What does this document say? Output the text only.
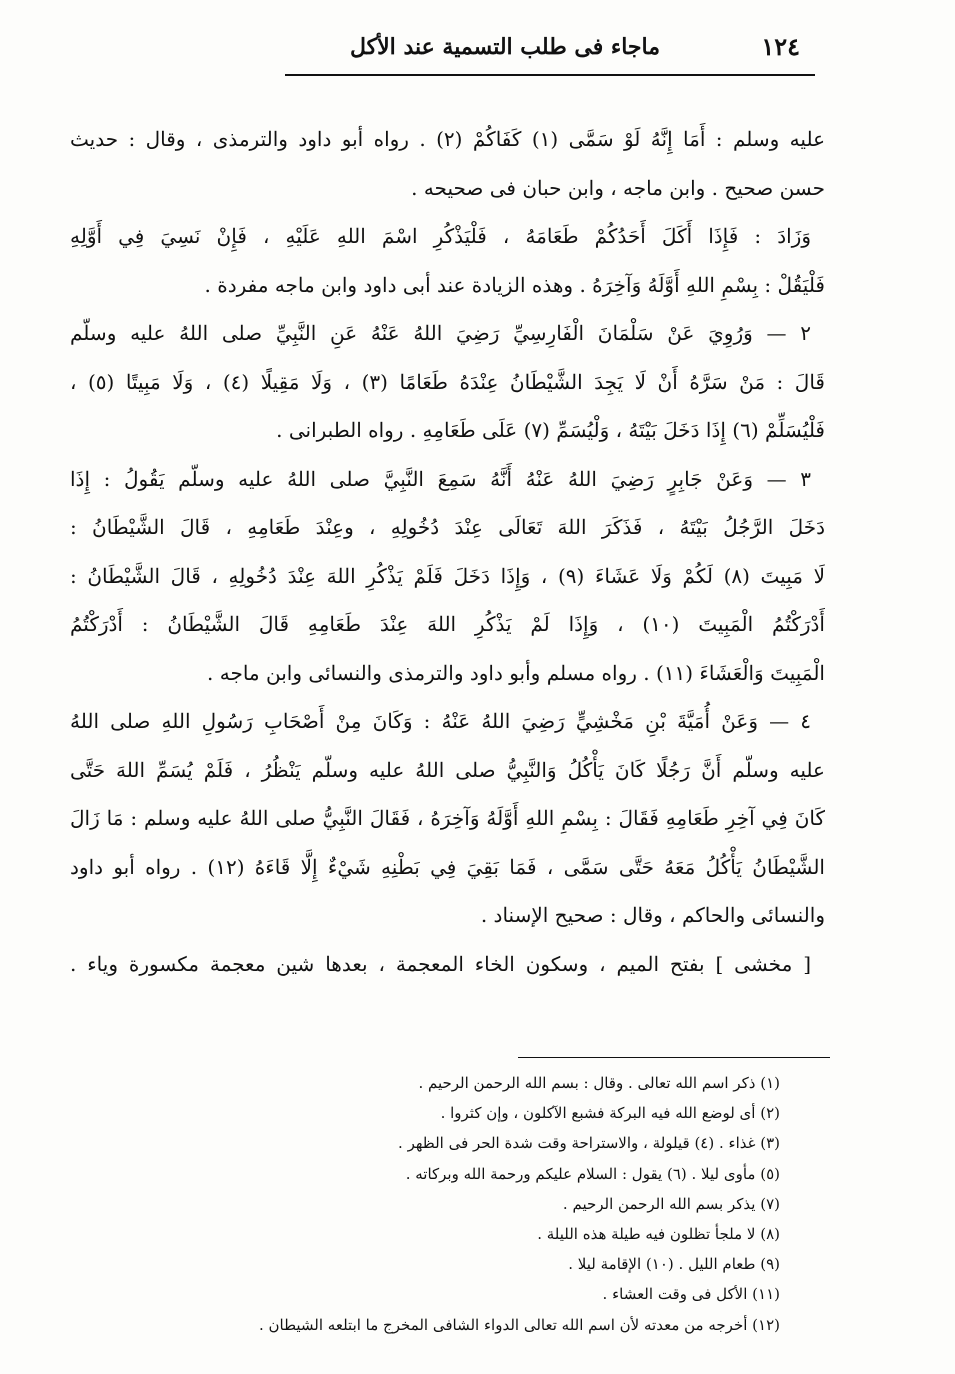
١٢٤
ماجاء فى طلب التسمية عند الأكل
عليه وسلم : أَمَا إِنَّهُ لَوْ سَمَّى (١) كَفَاكُمْ (٢) . رواه أبو داود والترمذى ، وقال : حديث
حسن صحيح . وابن ماجه ، وابن حبان فى صحيحه .
وَزَادَ : فَإِذَا أَكَلَ أَحَدُكُمْ طَعَامَهُ ، فَلْيَذْكُرِ اسْمَ اللهِ عَلَيْهِ ، فَإِنْ نَسِيَ فِي أَوَّلِهِ
فَلْيَقُلْ : بِسْمِ اللهِ أَوَّلَهُ وَآخِرَهُ . وهذه الزيادة عند أبى داود وابن ماجه مفردة .
٢ — وَرُوِيَ عَنْ سَلْمَانَ الْفَارِسِيِّ رَضِيَ اللهُ عَنْهُ عَنِ النَّبِيِّ صلى اللهُ عليه وسلّم
قَالَ : مَنْ سَرَّهُ أَنْ لَا يَجِدَ الشَّيْطَانُ عِنْدَهُ طَعَامًا (٣) ، وَلَا مَقِيلًا (٤) ، وَلَا مَبِيتًا (٥) ،
فَلْيُسَلِّمْ (٦) إِذَا دَخَلَ بَيْتَهُ ، وَلْيُسَمِّ (٧) عَلَى طَعَامِهِ . رواه الطبرانى .
٣ — وَعَنْ جَابِرٍ رَضِيَ اللهُ عَنْهُ أَنَّهُ سَمِعَ النَّبِيَّ صلى اللهُ عليه وسلّم يَقُولُ : إِذَا
دَخَلَ الرَّجُلُ بَيْتَهُ ، فَذَكَرَ اللهَ تَعَالَى عِنْدَ دُخُولِهِ ، وعِنْدَ طَعَامِهِ ، قَالَ الشَّيْطَانُ :
لَا مَبِيتَ (٨) لَكُمْ وَلَا عَشَاءَ (٩) ، وَإِذَا دَخَلَ فَلَمْ يَذْكُرِ اللهَ عِنْدَ دُخُولِهِ ، قَالَ الشَّيْطَانُ :
أَدْرَكْتُمُ الْمَبِيتَ (١٠) ، وَإِذَا لَمْ يَذْكُرِ اللهَ عِنْدَ طَعَامِهِ قَالَ الشَّيْطَانُ : أَدْرَكْتُمُ
الْمَبِيتَ وَالْعَشَاءَ (١١) . رواه مسلم وأبو داود والترمذى والنسائى وابن ماجه .
٤ — وَعَنْ أُمَيَّةَ بْنِ مَخْشِيٍّ رَضِيَ اللهُ عَنْهُ : وَكَانَ مِنْ أَصْحَابِ رَسُولِ اللهِ صلى اللهُ
عليه وسلّم أَنَّ رَجُلًا كَانَ يَأْكُلُ وَالنَّبِيُّ صلى اللهُ عليه وسلّم يَنْظُرُ ، فَلَمْ يُسَمِّ اللهَ حَتَّى
كَانَ فِي آخِرِ طَعَامِهِ فَقَالَ : بِسْمِ اللهِ أَوَّلَهُ وَآخِرَهُ ، فَقَالَ النَّبِيُّ صلى اللهُ عليه وسلم : مَا زَالَ
الشَّيْطَانُ يَأْكُلُ مَعَهُ حَتَّى سَمَّى ، فَمَا بَقِيَ فِي بَطْنِهِ شَيْءٌ إِلَّا قَاءَهُ (١٢) . رواه أبو داود
والنسائى والحاكم ، وقال : صحيح الإسناد .
[ مخشى ] بفتح الميم ، وسكون الخاء المعجمة ، بعدها شين معجمة مكسورة وياء .
(١) ذكر اسم الله تعالى . وقال : بسم الله الرحمن الرحيم .
(٢) أى لوضع الله فيه البركة فشبع الآكلون ، وإن كثروا .
(٣) غذاء . (٤) قيلولة ، والاستراحة وقت شدة الحر فى الظهر .
(٥) مأوى ليلا . (٦) يقول : السلام عليكم ورحمة الله وبركاته .
(٧) يذكر بسم الله الرحمن الرحيم .
(٨) لا ملجأ تظلون فيه طيلة هذه الليلة .
(٩) طعام الليل . (١٠) الإقامة ليلا .
(١١) الأكل فى وقت العشاء .
(١٢) أخرجه من معدته لأن اسم الله تعالى الدواء الشافى المخرج ما ابتلعه الشيطان .
